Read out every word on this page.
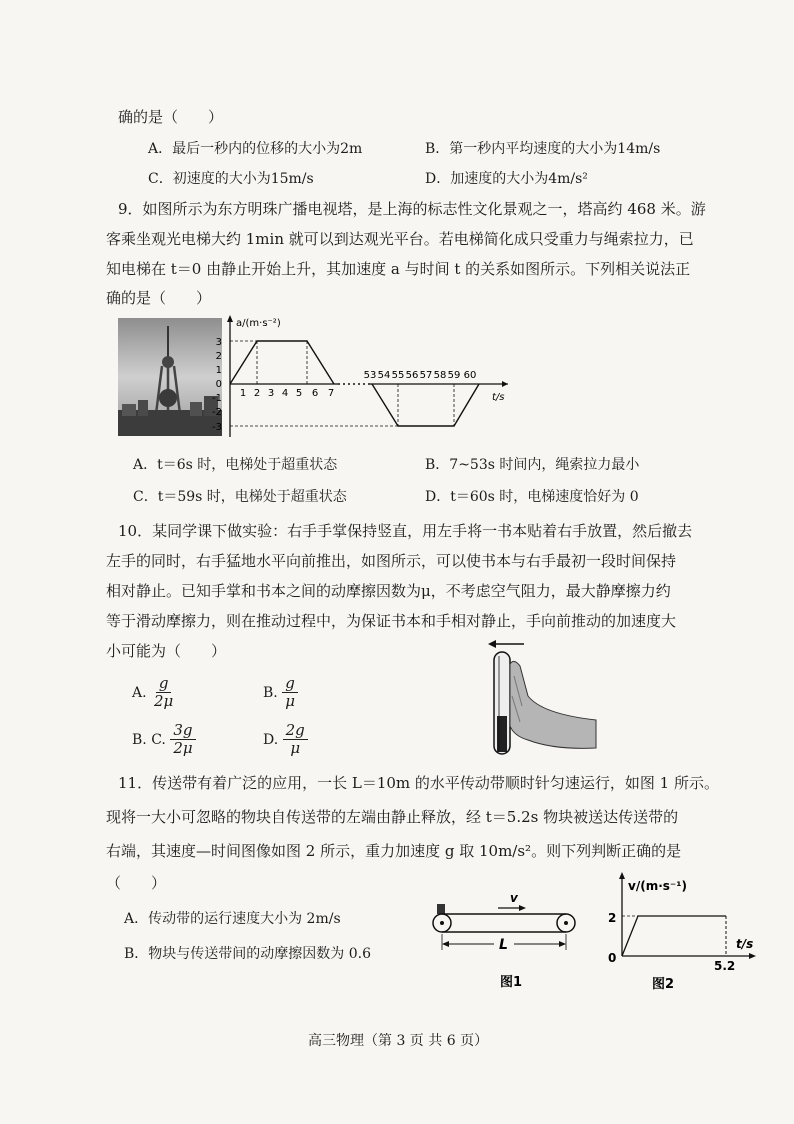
确的是（　　）
A．最后一秒内的位移的大小为2m	B．第一秒内平均速度的大小为14m/s
C．初速度的大小为15m/s	D．加速度的大小为4m/s²
9．如图所示为东方明珠广播电视塔，是上海的标志性文化景观之一，塔高约 468 米。游
客乘坐观光电梯大约 1min 就可以到达观光平台。若电梯简化成只受重力与绳索拉力，已
知电梯在 t＝0 由静止开始上升，其加速度 a 与时间 t 的关系如图所示。下列相关说法正
确的是（　　）
a/(m·s⁻²)
t/s
3
2
1
0
-1
-2
-3
1 2 3 4 5 6 7
53 54 55 56 57 58 59 60
A．t＝6s 时，电梯处于超重状态	B．7~53s 时间内，绳索拉力最小
C．t＝59s 时，电梯处于超重状态	D．t＝60s 时，电梯速度恰好为 0
10．某同学课下做实验：右手手掌保持竖直，用左手将一书本贴着右手放置，然后撤去
左手的同时，右手猛地水平向前推出，如图所示，可以使书本与右手最初一段时间保持
相对静止。已知手掌和书本之间的动摩擦因数为μ，不考虑空气阻力，最大静摩擦力约
等于滑动摩擦力，则在推动过程中，为保证书本和手相对静止，手向前推动的加速度大
小可能为（　　）
A. $\frac{g}{2\mu}$	B. $\frac{g}{\mu}$
B. C. $\frac{3g}{2\mu}$	D. $\frac{2g}{\mu}$
11．传送带有着广泛的应用，一长 L＝10m 的水平传动带顺时针匀速运行，如图 1 所示。
现将一大小可忽略的物块自传送带的左端由静止释放，经 t＝5.2s 物块被送达传送带的
右端，其速度—时间图像如图 2 所示，重力加速度 g 取 10m/s²。则下列判断正确的是
（　　）
A．传动带的运行速度大小为 2m/s
B．物块与传送带间的动摩擦因数为 0.6
v
L
图1
v/(m·s⁻¹)
t/s
2
0
5.2
图2
高三物理（第 3 页 共 6 页）
